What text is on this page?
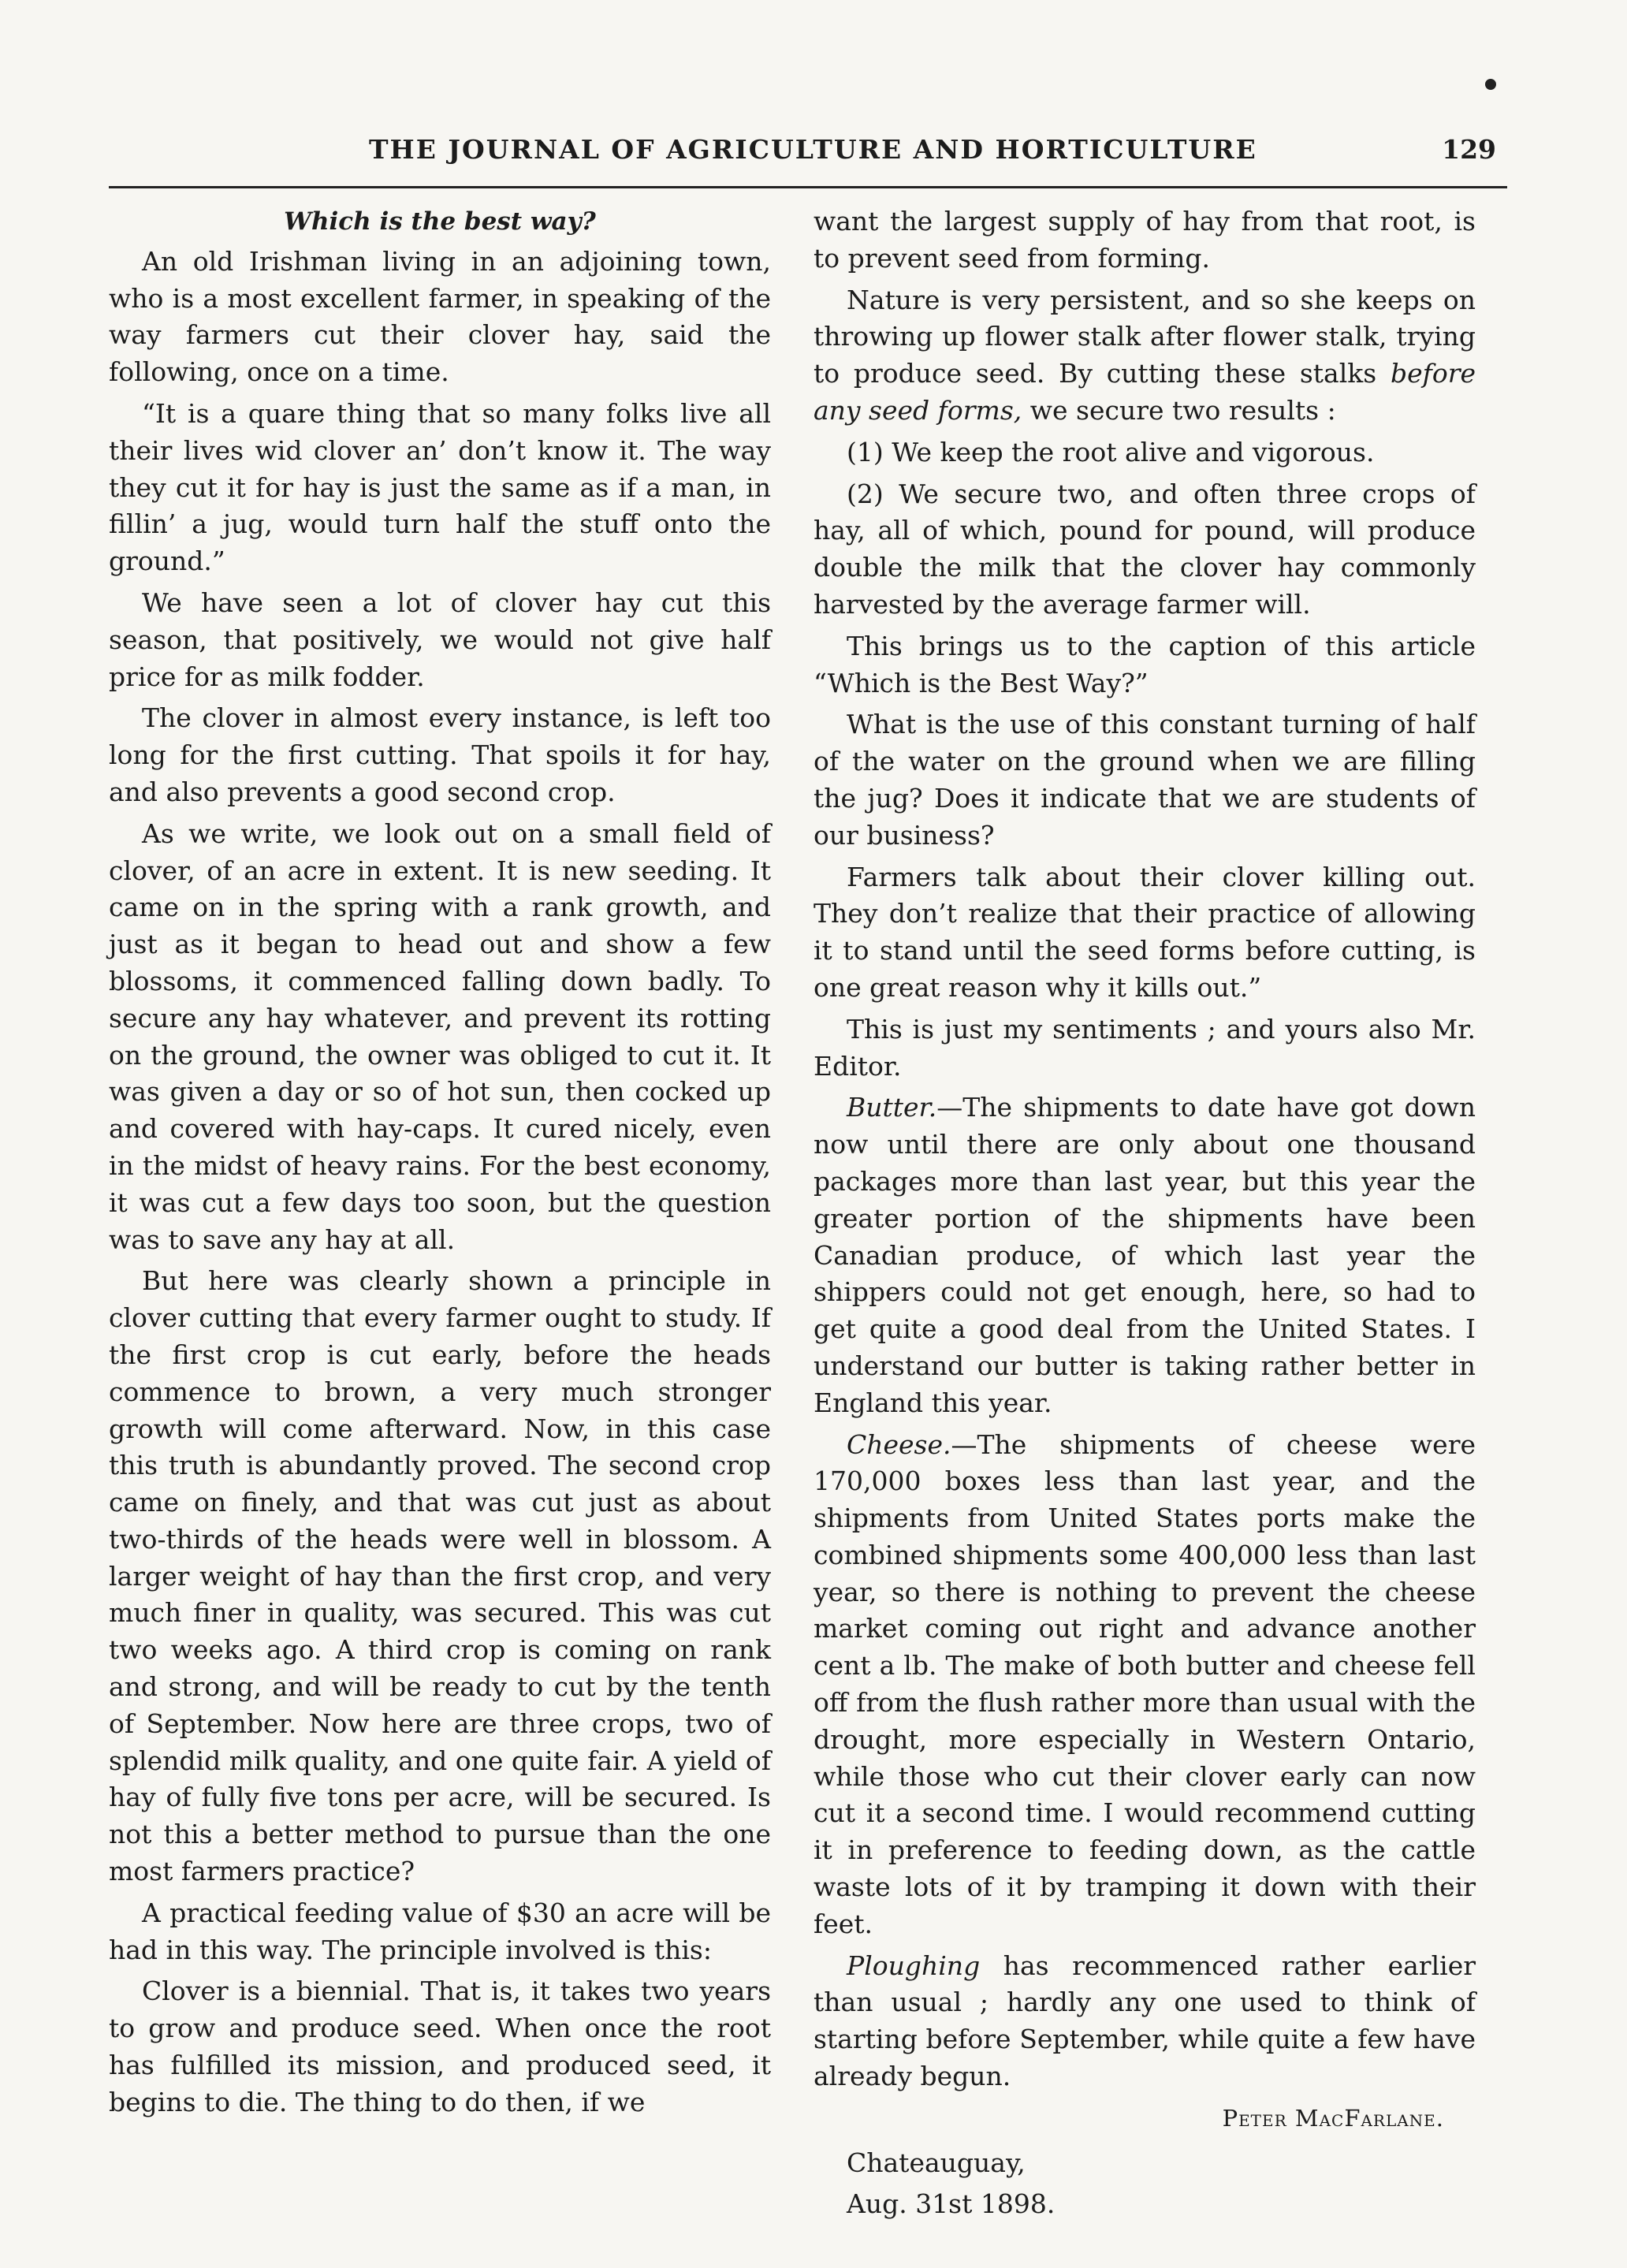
THE JOURNAL OF AGRICULTURE AND HORTICULTURE	129
Which is the best way?

An old Irishman living in an adjoining town, who is a most excellent farmer, in speaking of the way farmers cut their clover hay, said the following, once on a time.

“It is a quare thing that so many folks live all their lives wid clover an’ don’t know it. The way they cut it for hay is just the same as if a man, in fillin’ a jug, would turn half the stuff onto the ground.”

We have seen a lot of clover hay cut this season, that positively, we would not give half price for as milk fodder.

The clover in almost every instance, is left too long for the first cutting. That spoils it for hay, and also prevents a good second crop.

As we write, we look out on a small field of clover, of an acre in extent. It is new seeding. It came on in the spring with a rank growth, and just as it began to head out and show a few blossoms, it commenced falling down badly. To secure any hay whatever, and prevent its rotting on the ground, the owner was obliged to cut it. It was given a day or so of hot sun, then cocked up and covered with hay-caps. It cured nicely, even in the midst of heavy rains. For the best economy, it was cut a few days too soon, but the question was to save any hay at all.

But here was clearly shown a principle in clover cutting that every farmer ought to study. If the first crop is cut early, before the heads commence to brown, a very much stronger growth will come afterward. Now, in this case this truth is abundantly proved. The second crop came on finely, and that was cut just as about two-thirds of the heads were well in blossom. A larger weight of hay than the first crop, and very much finer in quality, was secured. This was cut two weeks ago. A third crop is coming on rank and strong, and will be ready to cut by the tenth of September. Now here are three crops, two of splendid milk quality, and one quite fair. A yield of hay of fully five tons per acre, will be secured. Is not this a better method to pursue than the one most farmers practice?

A practical feeding value of $30 an acre will be had in this way. The principle involved is this:

Clover is a biennial. That is, it takes two years to grow and produce seed. When once the root has fulfilled its mission, and produced seed, it begins to die. The thing to do then, if we

want the largest supply of hay from that root, is to prevent seed from forming.

Nature is very persistent, and so she keeps on throwing up flower stalk after flower stalk, trying to produce seed. By cutting these stalks before any seed forms, we secure two results :

(1) We keep the root alive and vigorous.

(2) We secure two, and often three crops of hay, all of which, pound for pound, will produce double the milk that the clover hay commonly harvested by the average farmer will.

This brings us to the caption of this article “Which is the Best Way?”

What is the use of this constant turning of half of the water on the ground when we are filling the jug? Does it indicate that we are students of our business?

Farmers talk about their clover killing out. They don’t realize that their practice of allowing it to stand until the seed forms before cutting, is one great reason why it kills out.”

This is just my sentiments ; and yours also Mr. Editor.

Butter.—The shipments to date have got down now until there are only about one thousand packages more than last year, but this year the greater portion of the shipments have been Canadian produce, of which last year the shippers could not get enough, here, so had to get quite a good deal from the United States. I understand our butter is taking rather better in England this year.

Cheese.—The shipments of cheese were 170,000 boxes less than last year, and the shipments from United States ports make the combined shipments some 400,000 less than last year, so there is nothing to prevent the cheese market coming out right and advance another cent a lb. The make of both butter and cheese fell off from the flush rather more than usual with the drought, more especially in Western Ontario, while those who cut their clover early can now cut it a second time. I would recommend cutting it in preference to feeding down, as the cattle waste lots of it by tramping it down with their feet.

Ploughing has recommenced rather earlier than usual ; hardly any one used to think of starting before September, while quite a few have already begun.

Peter MacFarlane.

Chateauguay,

Aug. 31st 1898.
